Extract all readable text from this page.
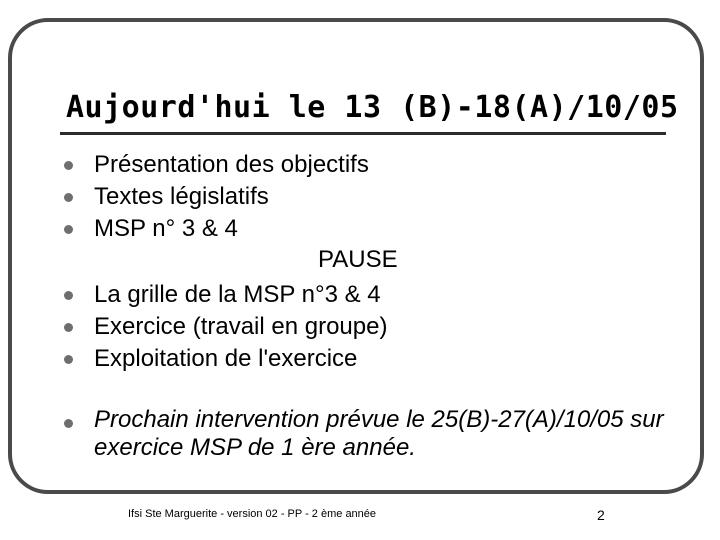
Aujourd'hui le 13 (B)-18(A)/10/05
Présentation des objectifs
Textes législatifs
MSP n° 3 & 4
PAUSE
La grille de la MSP n°3 & 4
Exercice (travail en groupe)
Exploitation de l'exercice
Prochain intervention prévue le 25(B)-27(A)/10/05 sur exercice MSP de 1 ère année.
Ifsi Ste Marguerite - version 02 - PP - 2 ème année	2
